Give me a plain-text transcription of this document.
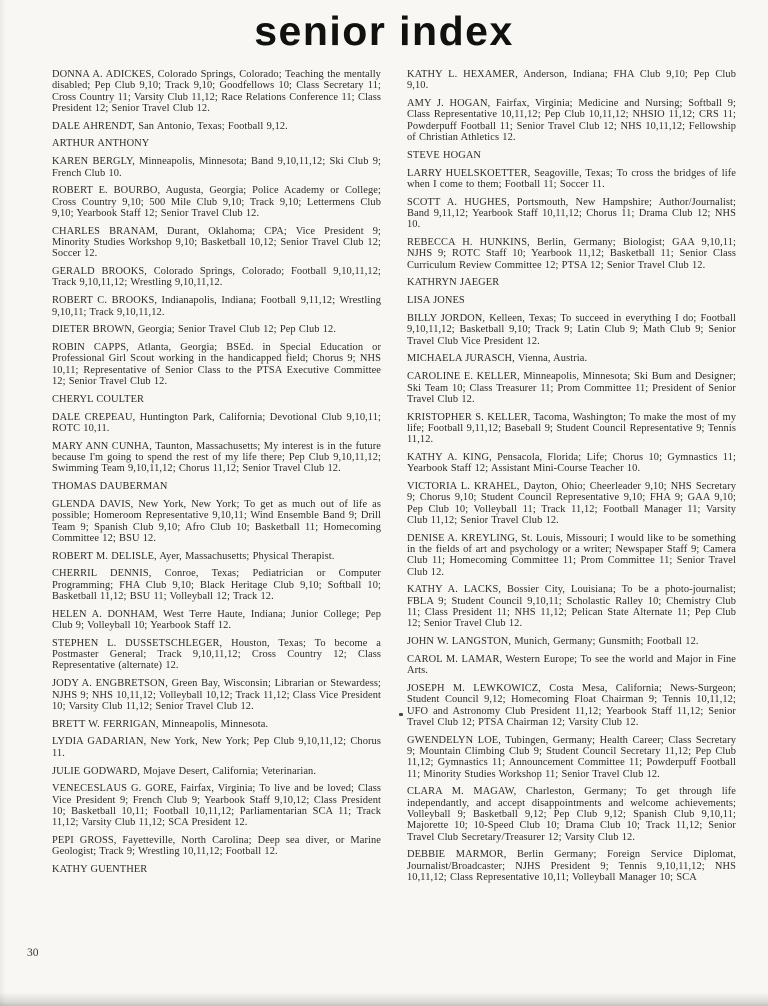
senior index

DONNA A. ADICKES, Colorado Springs, Colorado; Teaching the mentally disabled; Pep Club 9,10; Track 9,10; Goodfellows 10; Class Secretary 11; Cross Country 11; Varsity Club 11,12; Race Relations Conference 11; Class President 12; Senior Travel Club 12.

DALE AHRENDT, San Antonio, Texas; Football 9,12.

ARTHUR ANTHONY

KAREN BERGLY, Minneapolis, Minnesota; Band 9,10,11,12; Ski Club 9; French Club 10.

ROBERT E. BOURBO, Augusta, Georgia; Police Academy or College; Cross Country 9,10; 500 Mile Club 9,10; Track 9,10; Lettermens Club 9,10; Yearbook Staff 12; Senior Travel Club 12.

CHARLES BRANAM, Durant, Oklahoma; CPA; Vice President 9; Minority Studies Workshop 9,10; Basketball 10,12; Senior Travel Club 12; Soccer 12.

GERALD BROOKS, Colorado Springs, Colorado; Football 9,10,11,12; Track 9,10,11,12; Wrestling 9,10,11,12.

ROBERT C. BROOKS, Indianapolis, Indiana; Football 9,11,12; Wrestling 9,10,11; Track 9,10,11,12.

DIETER BROWN, Georgia; Senior Travel Club 12; Pep Club 12.

ROBIN CAPPS, Atlanta, Georgia; BSEd. in Special Education or Professional Girl Scout working in the handicapped field; Chorus 9; NHS 10,11; Representative of Senior Class to the PTSA Executive Committee 12; Senior Travel Club 12.

CHERYL COULTER

DALE CREPEAU, Huntington Park, California; Devotional Club 9,10,11; ROTC 10,11.

MARY ANN CUNHA, Taunton, Massachusetts; My interest is in the future because I'm going to spend the rest of my life there; Pep Club 9,10,11,12; Swimming Team 9,10,11,12; Chorus 11,12; Senior Travel Club 12.

THOMAS DAUBERMAN

GLENDA DAVIS, New York, New York; To get as much out of life as possible; Homeroom Representative 9,10,11; Wind Ensemble Band 9; Drill Team 9; Spanish Club 9,10; Afro Club 10; Basketball 11; Homecoming Committee 12; BSU 12.

ROBERT M. DELISLE, Ayer, Massachusetts; Physical Therapist.

CHERRIL DENNIS, Conroe, Texas; Pediatrician or Computer Programming; FHA Club 9,10; Black Heritage Club 9,10; Softball 10; Basketball 11,12; BSU 11; Volleyball 12; Track 12.

HELEN A. DONHAM, West Terre Haute, Indiana; Junior College; Pep Club 9; Volleyball 10; Yearbook Staff 12.

STEPHEN L. DUSSETSCHLEGER, Houston, Texas; To become a Postmaster General; Track 9,10,11,12; Cross Country 12; Class Representative (alternate) 12.

JODY A. ENGBRETSON, Green Bay, Wisconsin; Librarian or Stewardess; NJHS 9; NHS 10,11,12; Volleyball 10,12; Track 11,12; Class Vice President 10; Varsity Club 11,12; Senior Travel Club 12.

BRETT W. FERRIGAN, Minneapolis, Minnesota.

LYDIA GADARIAN, New York, New York; Pep Club 9,10,11,12; Chorus 11.

JULIE GODWARD, Mojave Desert, California; Veterinarian.

VENECESLAUS G. GORE, Fairfax, Virginia; To live and be loved; Class Vice President 9; French Club 9; Yearbook Staff 9,10,12; Class President 10; Basketball 10,11; Football 10,11,12; Parliamentarian SCA 11; Track 11,12; Varsity Club 11,12; SCA President 12.

PEPI GROSS, Fayetteville, North Carolina; Deep sea diver, or Marine Geologist; Track 9; Wrestling 10,11,12; Football 12.

KATHY GUENTHER

KATHY L. HEXAMER, Anderson, Indiana; FHA Club 9,10; Pep Club 9,10.

AMY J. HOGAN, Fairfax, Virginia; Medicine and Nursing; Softball 9; Class Representative 10,11,12; Pep Club 10,11,12; NHSIO 11,12; CRS 11; Powderpuff Football 11; Senior Travel Club 12; NHS 10,11,12; Fellowship of Christian Athletics 12.

STEVE HOGAN

LARRY HUELSKOETTER, Seagoville, Texas; To cross the bridges of life when I come to them; Football 11; Soccer 11.

SCOTT A. HUGHES, Portsmouth, New Hampshire; Author/Journalist; Band 9,11,12; Yearbook Staff 10,11,12; Chorus 11; Drama Club 12; NHS 10.

REBECCA H. HUNKINS, Berlin, Germany; Biologist; GAA 9,10,11; NJHS 9; ROTC Staff 10; Yearbook 11,12; Basketball 11; Senior Class Curriculum Review Committee 12; PTSA 12; Senior Travel Club 12.

KATHRYN JAEGER

LISA JONES

BILLY JORDON, Kelleen, Texas; To succeed in everything I do; Football 9,10,11,12; Basketball 9,10; Track 9; Latin Club 9; Math Club 9; Senior Travel Club Vice President 12.

MICHAELA JURASCH, Vienna, Austria.

CAROLINE E. KELLER, Minneapolis, Minnesota; Ski Bum and Designer; Ski Team 10; Class Treasurer 11; Prom Committee 11; President of Senior Travel Club 12.

KRISTOPHER S. KELLER, Tacoma, Washington; To make the most of my life; Football 9,11,12; Baseball 9; Student Council Representative 9; Tennis 11,12.

KATHY A. KING, Pensacola, Florida; Life; Chorus 10; Gymnastics 11; Yearbook Staff 12; Assistant Mini-Course Teacher 10.

VICTORIA L. KRAHEL, Dayton, Ohio; Cheerleader 9,10; NHS Secretary 9; Chorus 9,10; Student Council Representative 9,10; FHA 9; GAA 9,10; Pep Club 10; Volleyball 11; Track 11,12; Football Manager 11; Varsity Club 11,12; Senior Travel Club 12.

DENISE A. KREYLING, St. Louis, Missouri; I would like to be something in the fields of art and psychology or a writer; Newspaper Staff 9; Camera Club 11; Homecoming Committee 11; Prom Committee 11; Senior Travel Club 12.

KATHY A. LACKS, Bossier City, Louisiana; To be a photo-journalist; FBLA 9; Student Council 9,10,11; Scholastic Ralley 10; Chemistry Club 11; Class President 11; NHS 11,12; Pelican State Alternate 11; Pep Club 12; Senior Travel Club 12.

JOHN W. LANGSTON, Munich, Germany; Gunsmith; Football 12.

CAROL M. LAMAR, Western Europe; To see the world and Major in Fine Arts.

JOSEPH M. LEWKOWICZ, Costa Mesa, California; News-Surgeon; Student Council 9,12; Homecoming Float Chairman 9; Tennis 10,11,12; UFO and Astronomy Club President 11,12; Yearbook Staff 11,12; Senior Travel Club 12; PTSA Chairman 12; Varsity Club 12.

GWENDELYN LOE, Tubingen, Germany; Health Career; Class Secretary 9; Mountain Climbing Club 9; Student Council Secretary 11,12; Pep Club 11,12; Gymnastics 11; Announcement Committee 11; Powderpuff Football 11; Minority Studies Workshop 11; Senior Travel Club 12.

CLARA M. MAGAW, Charleston, Germany; To get through life independantly, and accept disappointments and welcome achievements; Volleyball 9; Basketball 9,12; Pep Club 9,12; Spanish Club 9,10,11; Majorette 10; 10-Speed Club 10; Drama Club 10; Track 11,12; Senior Travel Club Secretary/Treasurer 12; Varsity Club 12.

DEBBIE MARMOR, Berlin Germany; Foreign Service Diplomat, Journalist/Broadcaster; NJHS President 9; Tennis 9,10,11,12; NHS 10,11,12; Class Representative 10,11; Volleyball Manager 10; SCA

30
